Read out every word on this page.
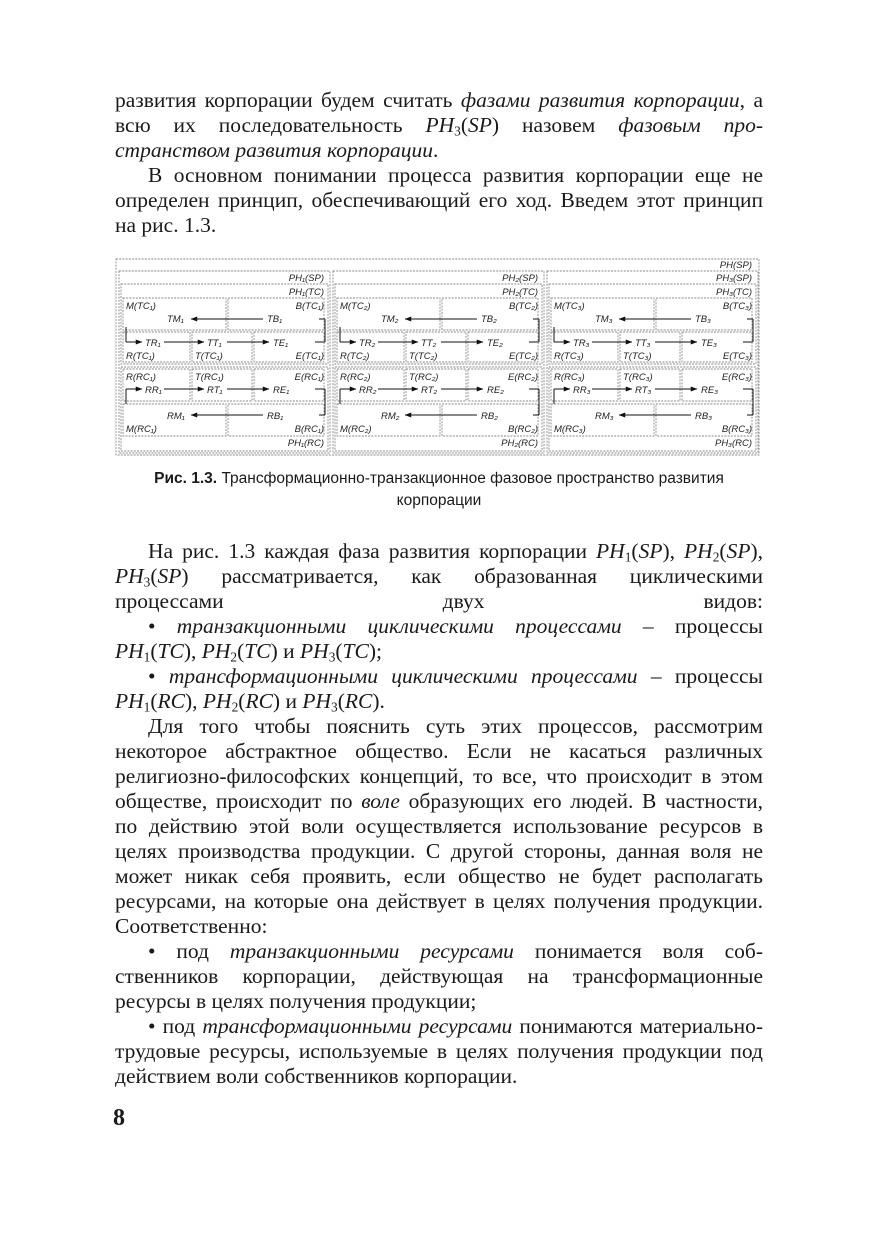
развития корпорации будем считать фазами развития корпорации, а всю их последовательность $PH_3(SP)$ назовем фазовым пространством развития корпорации.

В основном понимании процесса развития корпорации еще не определен принцип, обеспечивающий его ход. Введем этот принцип на рис. 1.3.

PH(SP)
PH₁(SP)
PH₁(TC)
M(TC₁)	B(TC₁)
TM₁	TB₁
TR₁	TT₁	TE₁
R(TC₁)	T(TC₁)	E(TC₁)
R(RC₁)	T(RC₁)	E(RC₁)
RR₁	RT₁	RE₁
RM₁	RB₁
M(RC₁)	B(RC₁)
PH₁(RC)
PH₂(SP)
PH₂(TC)
M(TC₂)	B(TC₂)
TM₂	TB₂
TR₂	TT₂	TE₂
R(TC₂)	T(TC₂)	E(TC₂)
R(RC₂)	T(RC₂)	E(RC₂)
RR₂	RT₂	RE₂
RM₂	RB₂
M(RC₂)	B(RC₂)
PH₂(RC)
PH₃(SP)
PH₃(TC)
M(TC₃)	B(TC₃)
TM₃	TB₃
TR₃	TT₃	TE₃
R(TC₃)	T(TC₃)	E(TC₃)
R(RC₃)	T(RC₃)	E(RC₃)
RR₃	RT₃	RE₃
RM₃	RB₃
M(RC₃)	B(RC₃)
PH₃(RC)
Рис. 1.3. Трансформационно-транзакционное фазовое пространство развития корпорации

На рис. 1.3 каждая фаза развития корпорации $PH_1(SP)$, $PH_2(SP)$, $PH_3(SP)$ рассматривается, как образованная циклическими процессами двух видов:

• транзакционными циклическими процессами – процессы $PH_1(TC)$, $PH_2(TC)$ и $PH_3(TC)$;

• трансформационными циклическими процессами – процессы $PH_1(RC)$, $PH_2(RC)$ и $PH_3(RC)$.

Для того чтобы пояснить суть этих процессов, рассмотрим некоторое абстрактное общество. Если не касаться различных религиозно-философских концепций, то все, что происходит в этом обществе, происходит по воле образующих его людей. В частности, по действию этой воли осуществляется использование ресурсов в целях производства продукции. С другой стороны, данная воля не может никак себя проявить, если общество не будет располагать ресурсами, на которые она действует в целях получения продукции. Соответственно:

• под транзакционными ресурсами понимается воля собственников корпорации, действующая на трансформационные ресурсы в целях получения продукции;

• под трансформационными ресурсами понимаются материально-трудовые ресурсы, используемые в целях получения продукции под действием воли собственников корпорации.

8
